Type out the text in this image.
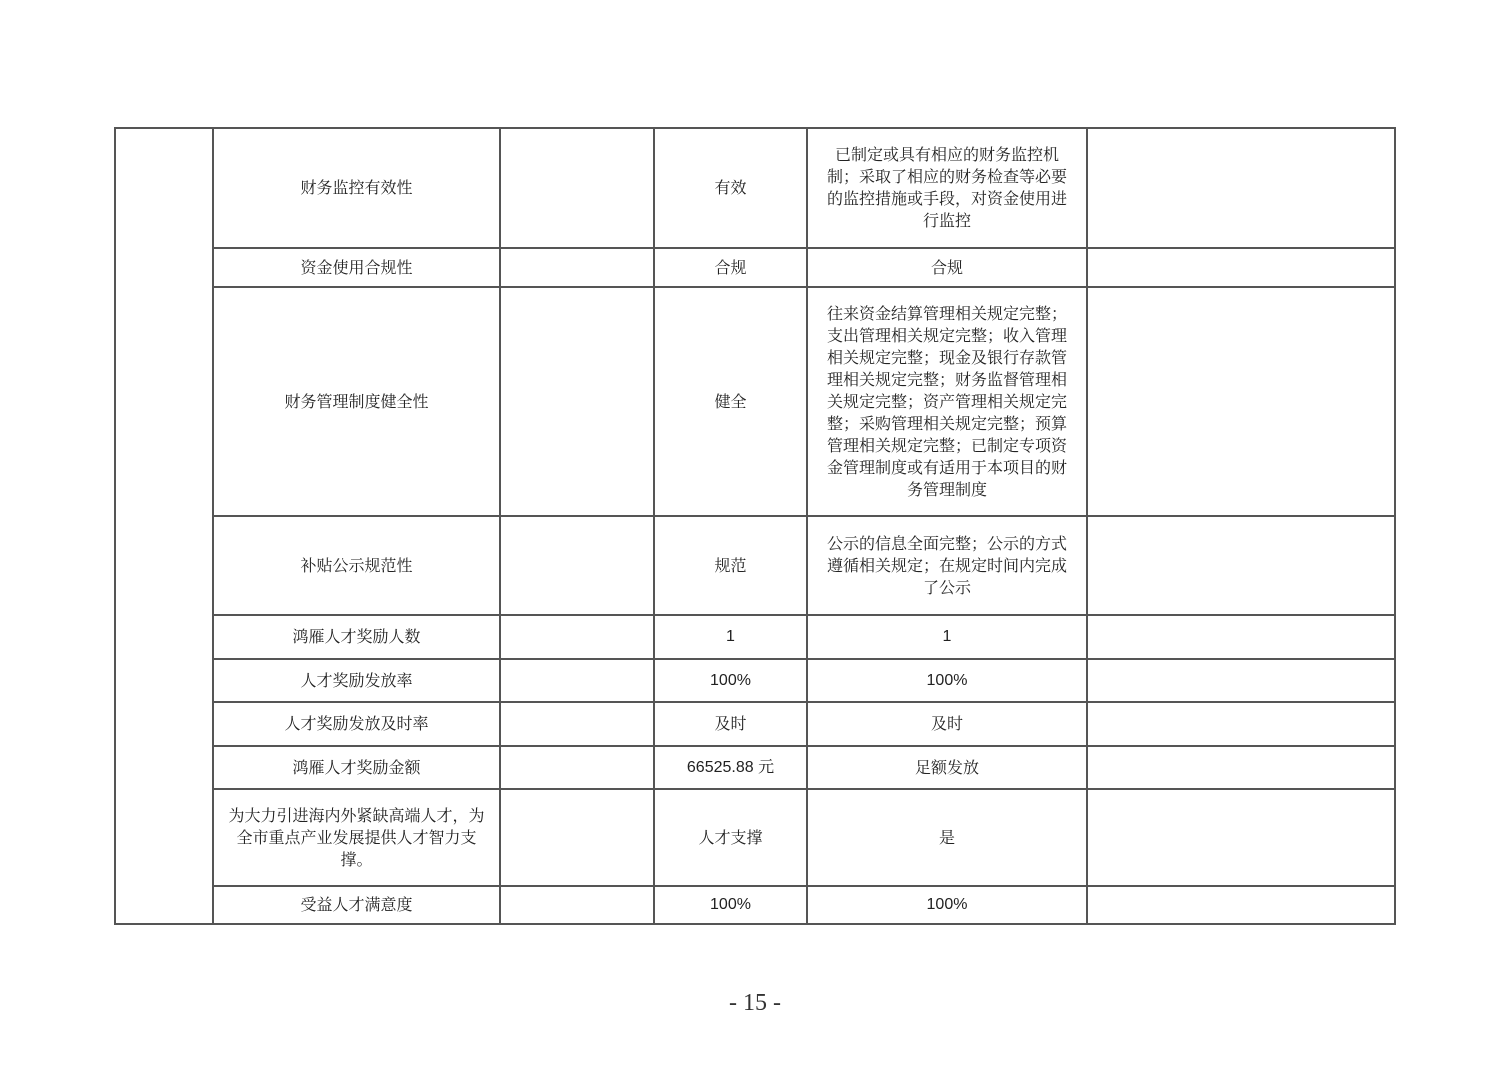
	财务监控有效性		有效	已制定或具有相应的财务监控机制；采取了相应的财务检查等必要的监控措施或手段，对资金使用进行监控	
	资金使用合规性		合规	合规	
	财务管理制度健全性		健全	往来资金结算管理相关规定完整；支出管理相关规定完整；收入管理相关规定完整；现金及银行存款管理相关规定完整；财务监督管理相关规定完整；资产管理相关规定完整；采购管理相关规定完整；预算管理相关规定完整；已制定专项资金管理制度或有适用于本项目的财务管理制度	
	补贴公示规范性		规范	公示的信息全面完整；公示的方式遵循相关规定；在规定时间内完成了公示	
	鸿雁人才奖励人数		1	1	
	人才奖励发放率		100%	100%	
	人才奖励发放及时率		及时	及时	
	鸿雁人才奖励金额		66525.88 元	足额发放	
	为大力引进海内外紧缺高端人才，为全市重点产业发展提供人才智力支撑。		人才支撑	是	
	受益人才满意度		100%	100%	
- 15 -
